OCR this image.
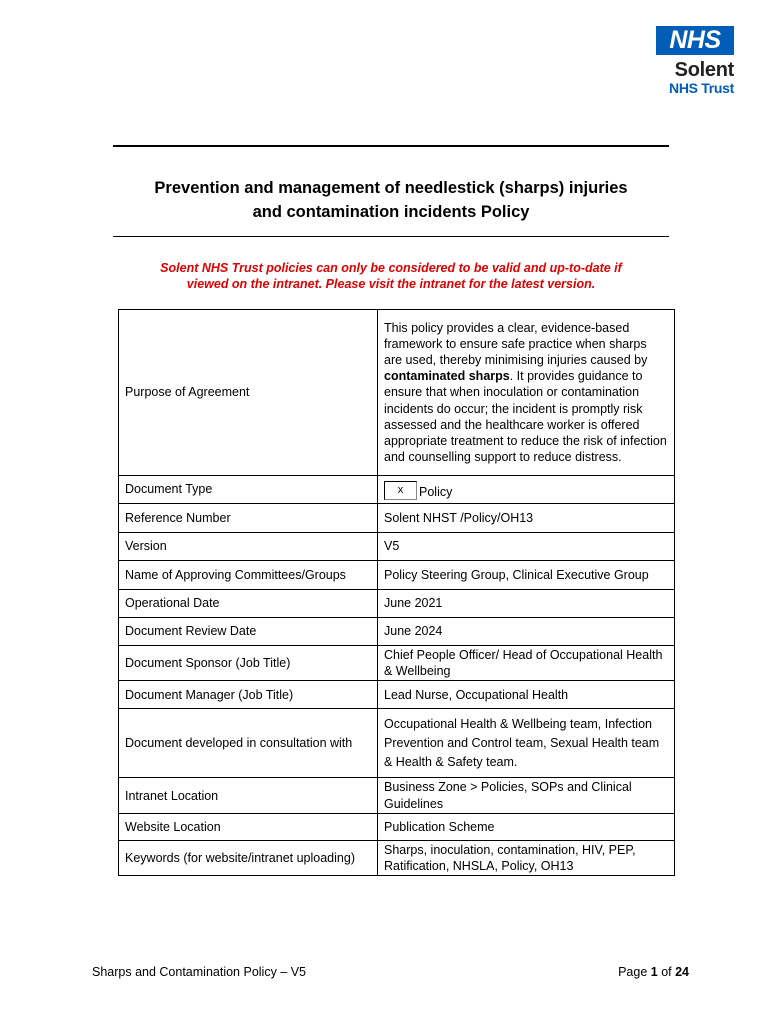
NHS
Solent
NHS Trust
Prevention and management of needlestick (sharps) injuries
and contamination incidents Policy
Solent NHS Trust policies can only be considered to be valid and up-to-date if
viewed on the intranet. Please visit the intranet for the latest version.
Purpose of Agreement	This policy provides a clear, evidence-based framework to ensure safe practice when sharps are used, thereby minimising injuries caused by contaminated sharps. It provides guidance to ensure that when inoculation or contamination incidents do occur; the incident is promptly risk assessed and the healthcare worker is offered appropriate treatment to reduce the risk of infection and counselling support to reduce distress.
Document Type	x Policy
Reference Number	Solent NHST /Policy/OH13
Version	V5
Name of Approving Committees/Groups	Policy Steering Group, Clinical Executive Group
Operational Date	June 2021
Document Review Date	June 2024
Document Sponsor (Job Title)	Chief People Officer/ Head of Occupational Health & Wellbeing
Document Manager (Job Title)	Lead Nurse, Occupational Health
Document developed in consultation with	Occupational Health & Wellbeing team, Infection Prevention and Control team, Sexual Health team & Health & Safety team.
Intranet Location	Business Zone > Policies, SOPs and Clinical Guidelines
Website Location	Publication Scheme
Keywords (for website/intranet uploading)	Sharps, inoculation, contamination, HIV, PEP, Ratification, NHSLA, Policy, OH13
Sharps and Contamination Policy – V5	Page 1 of 24
